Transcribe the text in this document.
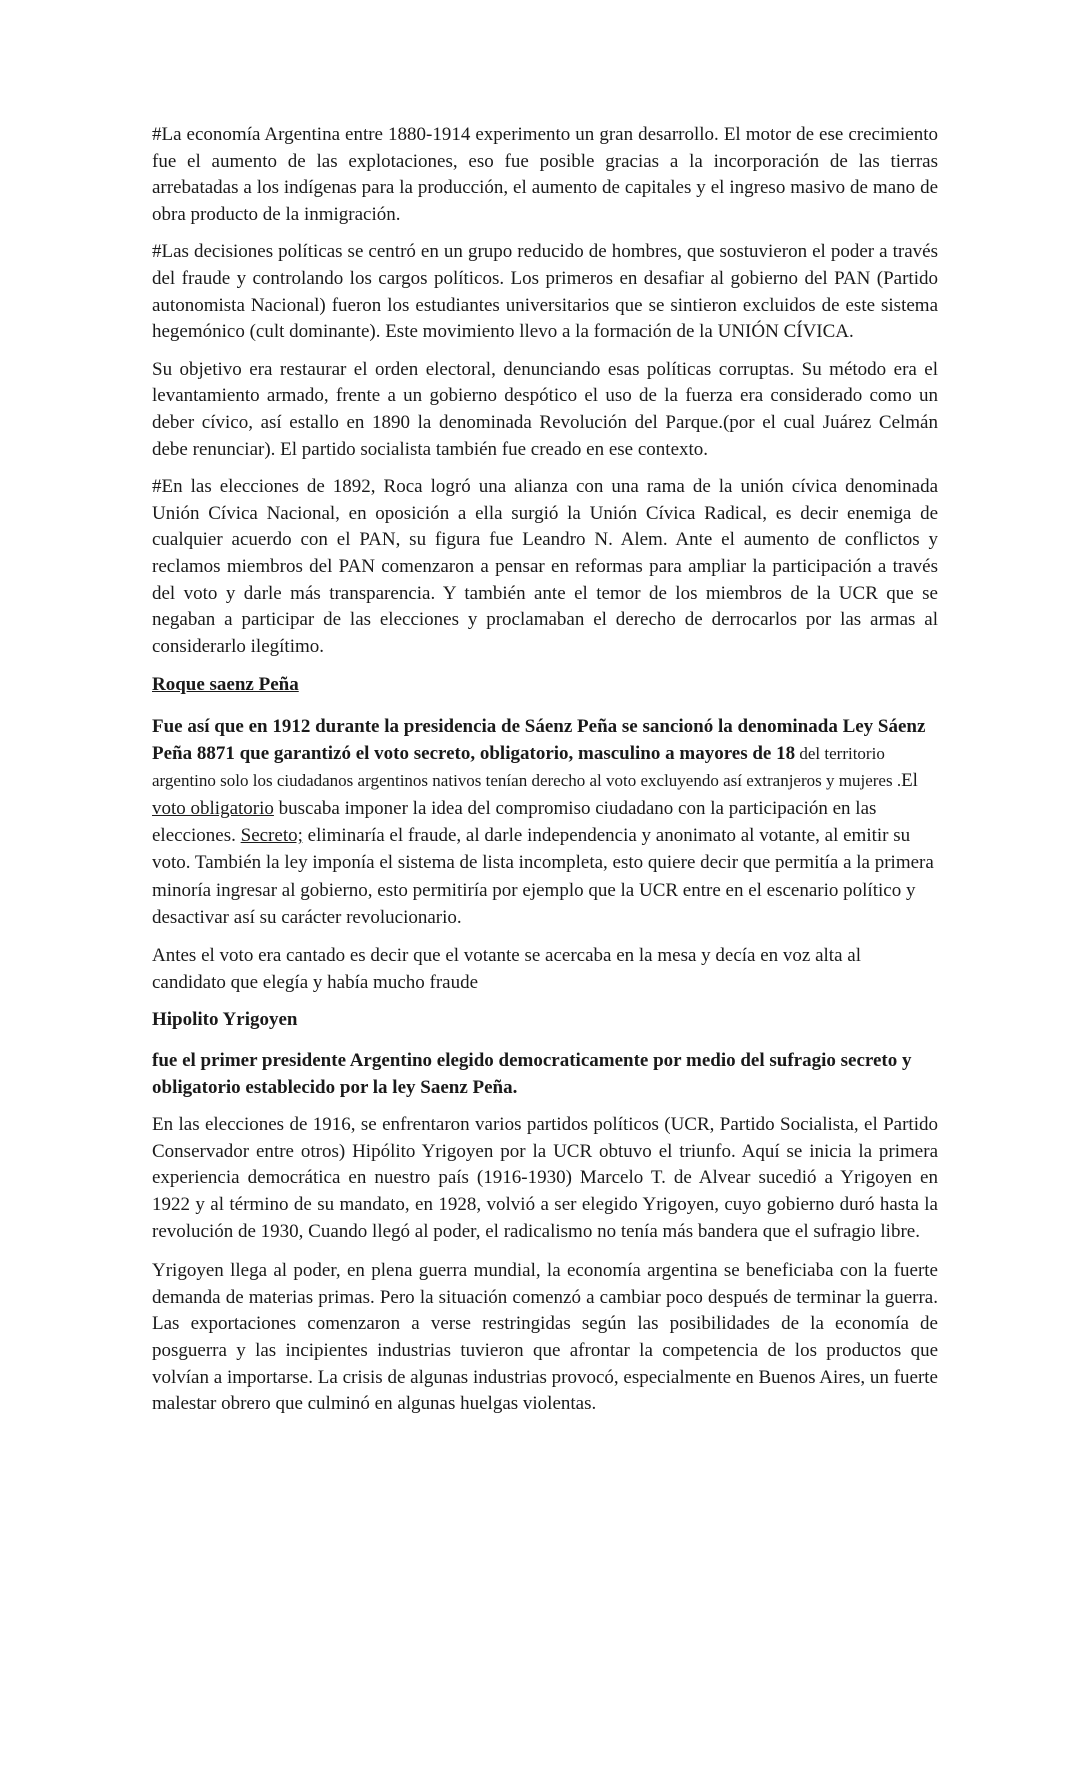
#La economía Argentina entre 1880-1914 experimento un gran desarrollo. El motor de ese crecimiento fue el aumento de las explotaciones, eso fue posible gracias a la incorporación de las tierras arrebatadas a los indígenas para la producción, el aumento de capitales y el ingreso masivo de mano de obra producto de la inmigración.

#Las decisiones políticas se centró en un grupo reducido de hombres, que sostuvieron el poder a través del fraude y controlando los cargos políticos. Los primeros en desafiar al gobierno del PAN (Partido autonomista Nacional) fueron los estudiantes universitarios que se sintieron excluidos de este sistema hegemónico (cult dominante). Este movimiento llevo a la formación de la UNIÓN CÍVICA.

Su objetivo era restaurar el orden electoral, denunciando esas políticas corruptas. Su método era el levantamiento armado, frente a un gobierno despótico el uso de la fuerza era considerado como un deber cívico, así estallo en 1890 la denominada Revolución del Parque.(por el cual Juárez Celmán debe renunciar). El partido socialista también fue creado en ese contexto.

#En las elecciones de 1892, Roca logró una alianza con una rama de la unión cívica denominada Unión Cívica Nacional, en oposición a ella surgió la Unión Cívica Radical, es decir enemiga de cualquier acuerdo con el PAN, su figura fue Leandro N. Alem. Ante el aumento de conflictos y reclamos miembros del PAN comenzaron a pensar en reformas para ampliar la participación a través del voto y darle más transparencia. Y también ante el temor de los miembros de la UCR que se negaban a participar de las elecciones y proclamaban el derecho de derrocarlos por las armas al considerarlo ilegítimo.

Roque saenz Peña

Fue así que en 1912 durante la presidencia de Sáenz Peña se sancionó la denominada Ley Sáenz Peña 8871 que garantizó el voto secreto, obligatorio, masculino a mayores de 18 del territorio argentino solo los ciudadanos argentinos nativos tenían derecho al voto excluyendo así extranjeros y mujeres .El voto obligatorio buscaba imponer la idea del compromiso ciudadano con la participación en las elecciones. Secreto; eliminaría el fraude, al darle independencia y anonimato al votante, al emitir su voto. También la ley imponía el sistema de lista incompleta, esto quiere decir que permitía a la primera minoría ingresar al gobierno, esto permitiría por ejemplo que la UCR entre en el escenario político y desactivar así su carácter revolucionario.

Antes el voto era cantado es decir que el votante se acercaba en la mesa y decía en voz alta al candidato que elegía y había mucho fraude

Hipolito Yrigoyen

fue el primer presidente Argentino elegido democraticamente por medio del sufragio secreto y obligatorio establecido por la ley Saenz Peña.

En las elecciones de 1916, se enfrentaron varios partidos políticos (UCR, Partido Socialista, el Partido Conservador entre otros) Hipólito Yrigoyen por la UCR obtuvo el triunfo. Aquí se inicia la primera experiencia democrática en nuestro país (1916-1930) Marcelo T. de Alvear sucedió a Yrigoyen en 1922 y al término de su mandato, en 1928, volvió a ser elegido Yrigoyen, cuyo gobierno duró hasta la revolución de 1930, Cuando llegó al poder, el radicalismo no tenía más bandera que el sufragio libre.

Yrigoyen llega al poder, en plena guerra mundial, la economía argentina se beneficiaba con la fuerte demanda de materias primas. Pero la situación comenzó a cambiar poco después de terminar la guerra. Las exportaciones comenzaron a verse restringidas según las posibilidades de la economía de posguerra y las incipientes industrias tuvieron que afrontar la competencia de los productos que volvían a importarse. La crisis de algunas industrias provocó, especialmente en Buenos Aires, un fuerte malestar obrero que culminó en algunas huelgas violentas.
